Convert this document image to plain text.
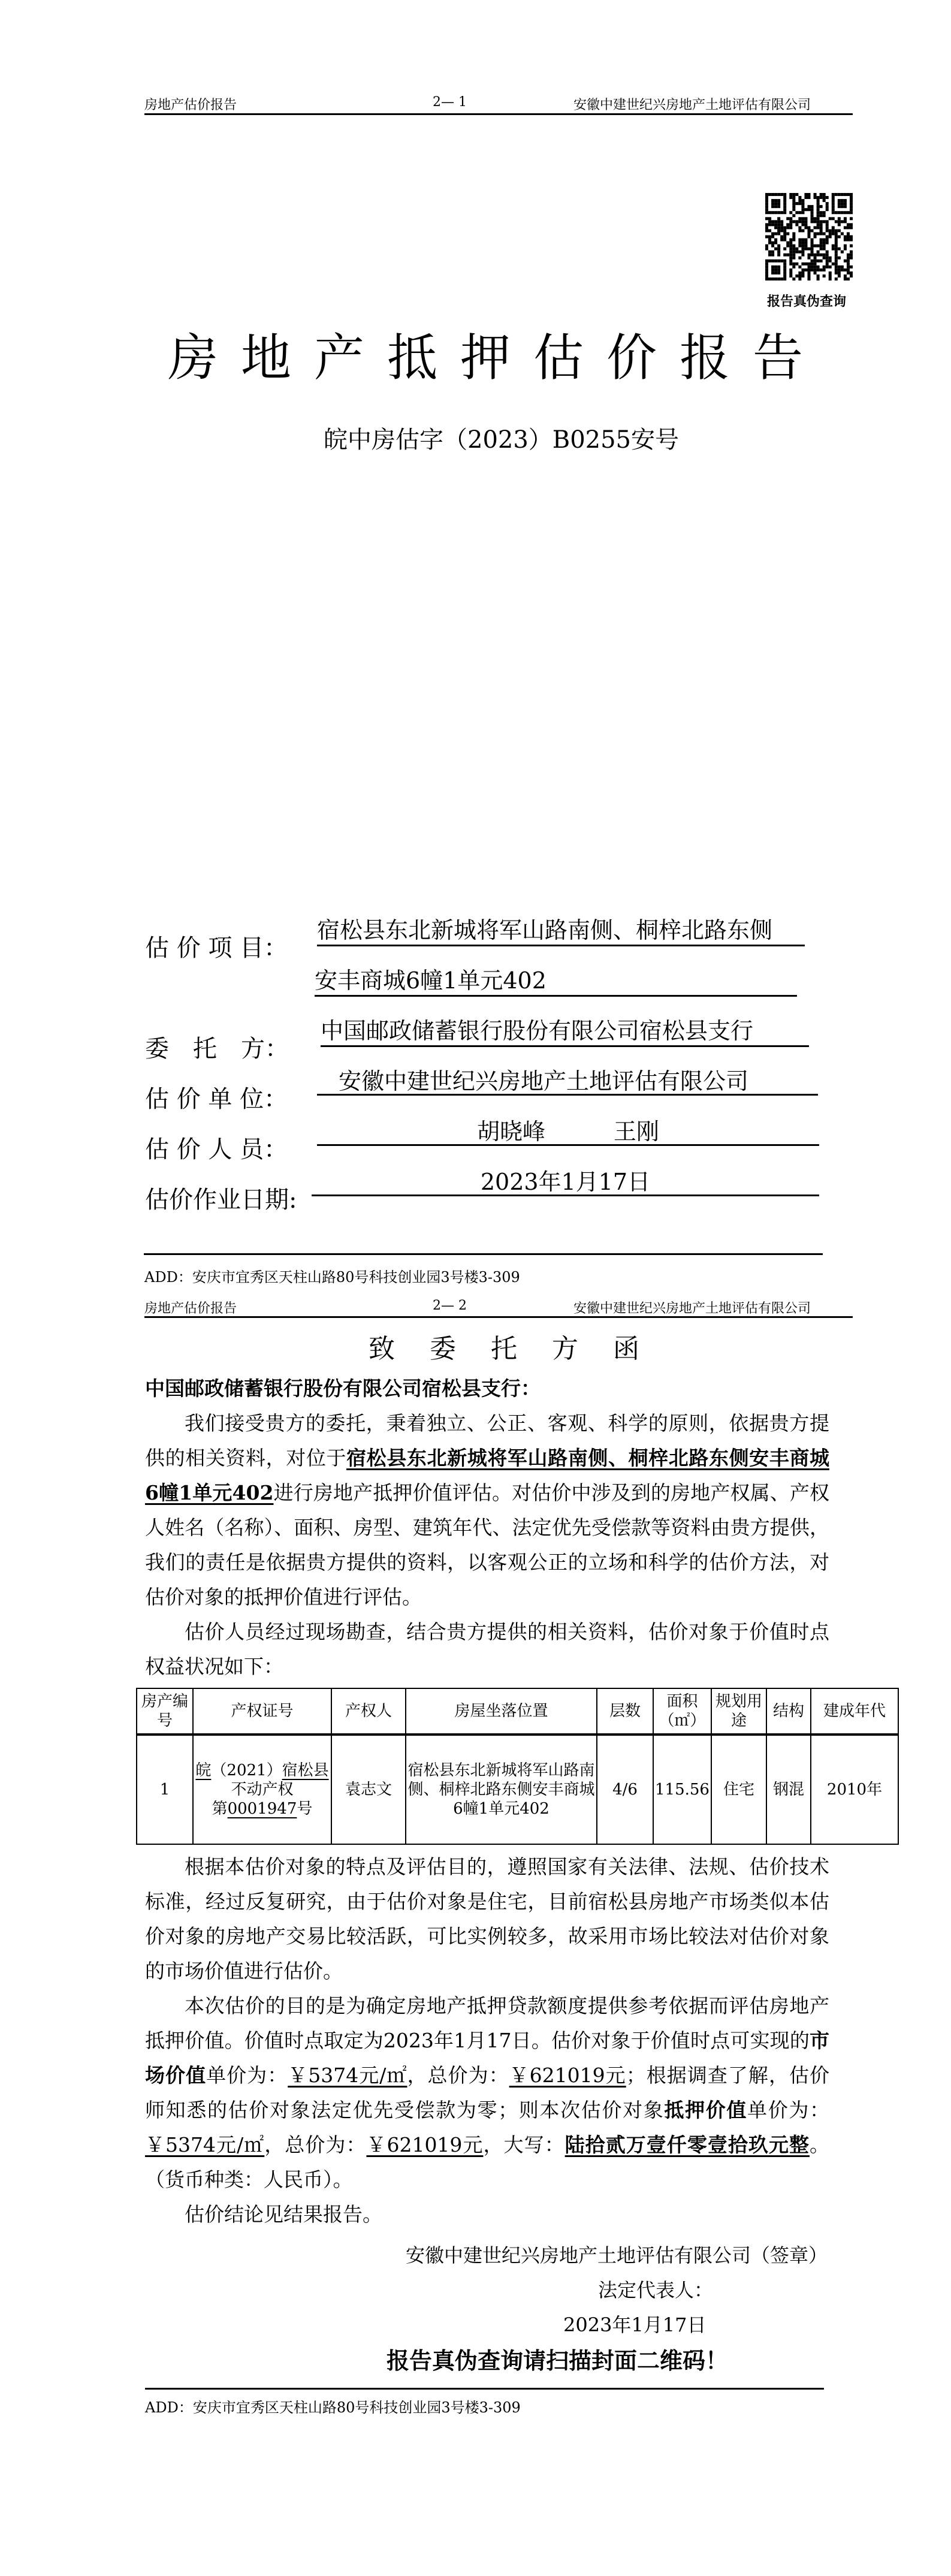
房地产估价报告	2— 1	安徽中建世纪兴房地产土地评估有限公司
报告真伪查询
房地产抵押估价报告
皖中房估字（2023）B0255安号
估 价 项 目：
宿松县东北新城将军山路南侧、桐梓北路东侧
安丰商城6幢1单元402
委　托　方：
中国邮政储蓄银行股份有限公司宿松县支行
估 价 单 位：
安徽中建世纪兴房地产土地评估有限公司
估 价 人 员：
胡晓峰　　　王刚
估价作业日期:
2023年1月17日
ADD：安庆市宜秀区天柱山路80号科技创业园3号楼3-309
房地产估价报告	2— 2	安徽中建世纪兴房地产土地评估有限公司
致 委 托 方 函
中国邮政储蓄银行股份有限公司宿松县支行：

我们接受贵方的委托，秉着独立、公正、客观、科学的原则，依据贵方提供的相关资料，对位于宿松县东北新城将军山路南侧、桐梓北路东侧安丰商城6幢1单元402进行房地产抵押价值评估。对估价中涉及到的房地产权属、产权人姓名（名称）、面积、房型、建筑年代、法定优先受偿款等资料由贵方提供，我们的责任是依据贵方提供的资料，以客观公正的立场和科学的估价方法，对估价对象的抵押价值进行评估。

估价人员经过现场勘查，结合贵方提供的相关资料，估价对象于价值时点权益状况如下：

房产编号	产权证号	产权人	房屋坐落位置	层数	面积（㎡）	规划用途	结构	建成年代
1	皖（2021）宿松县
不动产权
第0001947号	袁志文	宿松县东北新城将军山路南侧、桐梓北路东侧安丰商城6幢1单元402	4/6	115.56	住宅	钢混	2010年

根据本估价对象的特点及评估目的，遵照国家有关法律、法规、估价技术标准，经过反复研究，由于估价对象是住宅，目前宿松县房地产市场类似本估价对象的房地产交易比较活跃，可比实例较多，故采用市场比较法对估价对象的市场价值进行估价。

本次估价的目的是为确定房地产抵押贷款额度提供参考依据而评估房地产抵押价值。价值时点取定为2023年1月17日。估价对象于价值时点可实现的市场价值单价为：￥5374元/㎡，总价为：￥621019元；根据调查了解，估价师知悉的估价对象法定优先受偿款为零；则本次估价对象抵押价值单价为：￥5374元/㎡，总价为：￥621019元，大写：陆拾贰万壹仟零壹拾玖元整。（货币种类：人民币）。

估价结论见结果报告。

安徽中建世纪兴房地产土地评估有限公司（签章）
法定代表人：
2023年1月17日
报告真伪查询请扫描封面二维码！
ADD：安庆市宜秀区天柱山路80号科技创业园3号楼3-309
